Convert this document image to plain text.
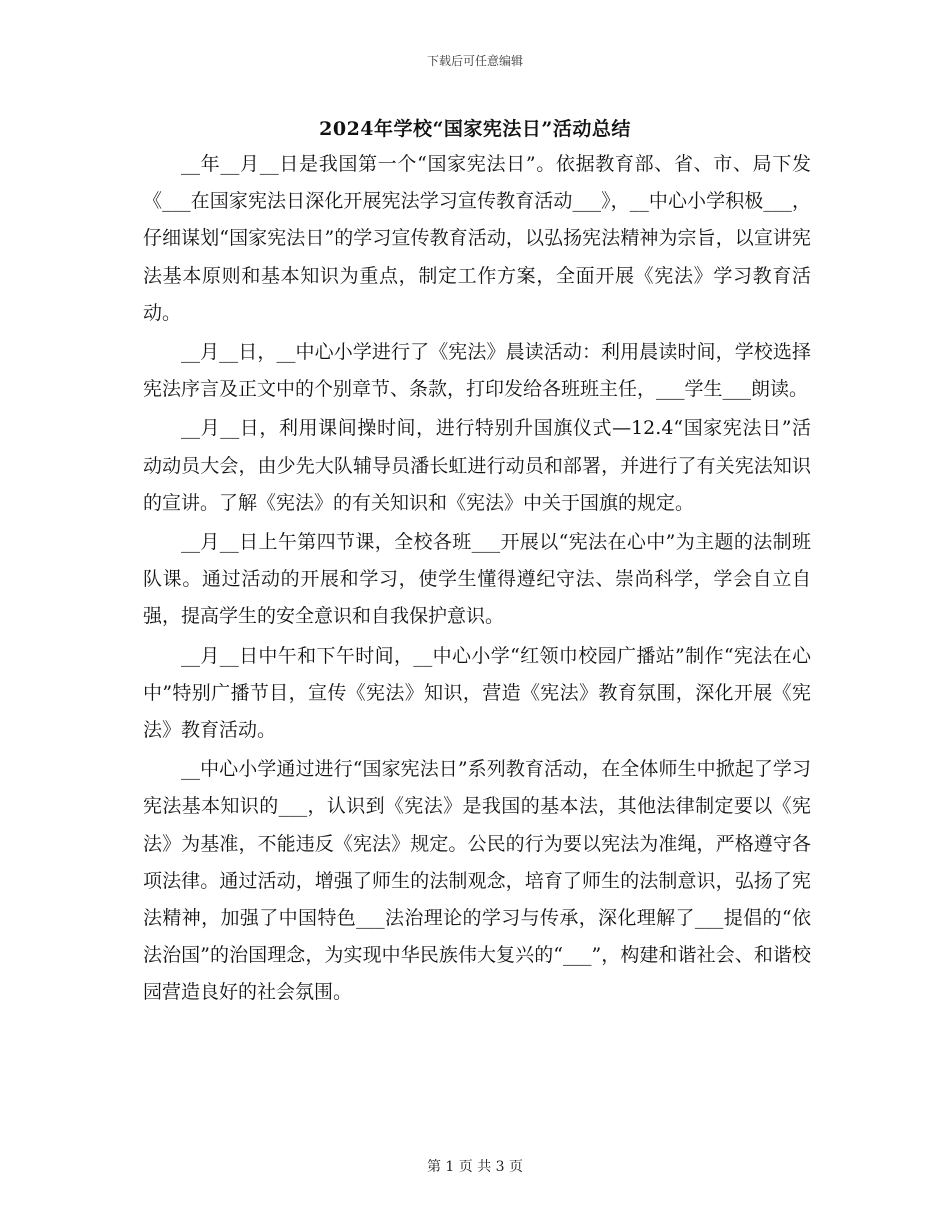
下载后可任意编辑
2024年学校“国家宪法日”活动总结

__年__月__日是我国第一个“国家宪法日”。依据教育部、省、市、局下发《___在国家宪法日深化开展宪法学习宣传教育活动___》，__中心小学积极___，仔细谋划“国家宪法日”的学习宣传教育活动，以弘扬宪法精神为宗旨，以宣讲宪法基本原则和基本知识为重点，制定工作方案，全面开展《宪法》学习教育活动。

__月__日，__中心小学进行了《宪法》晨读活动：利用晨读时间，学校选择宪法序言及正文中的个别章节、条款，打印发给各班班主任，___学生___朗读。

__月__日，利用课间操时间，进行特别升国旗仪式—12.4“国家宪法日”活动动员大会，由少先大队辅导员潘长虹进行动员和部署，并进行了有关宪法知识的宣讲。了解《宪法》的有关知识和《宪法》中关于国旗的规定。

__月__日上午第四节课，全校各班___开展以“宪法在心中”为主题的法制班队课。通过活动的开展和学习，使学生懂得遵纪守法、崇尚科学，学会自立自强，提高学生的安全意识和自我保护意识。

__月__日中午和下午时间，__中心小学“红领巾校园广播站”制作“宪法在心中”特别广播节目，宣传《宪法》知识，营造《宪法》教育氛围，深化开展《宪法》教育活动。

__中心小学通过进行“国家宪法日”系列教育活动，在全体师生中掀起了学习宪法基本知识的___，认识到《宪法》是我国的基本法，其他法律制定要以《宪法》为基准，不能违反《宪法》规定。公民的行为要以宪法为准绳，严格遵守各项法律。通过活动，增强了师生的法制观念，培育了师生的法制意识，弘扬了宪法精神，加强了中国特色___法治理论的学习与传承，深化理解了___提倡的“依法治国”的治国理念，为实现中华民族伟大复兴的“___”，构建和谐社会、和谐校园营造良好的社会氛围。

第 1 页 共 3 页
